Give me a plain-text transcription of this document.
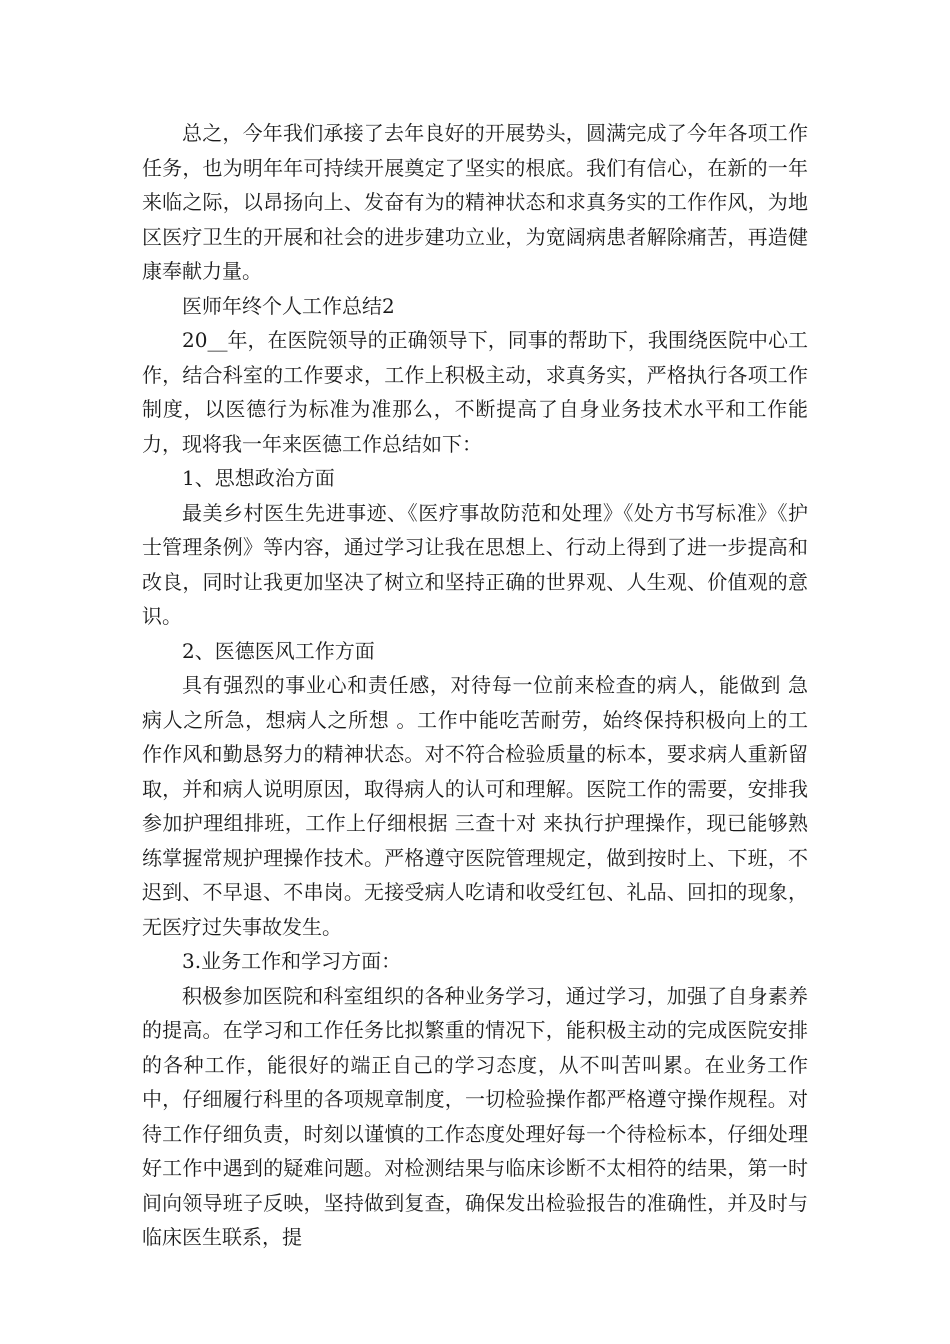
总之，今年我们承接了去年良好的开展势头，圆满完成了今年各项工作任务，也为明年年可持续开展奠定了坚实的根底。我们有信心，在新的一年来临之际，以昂扬向上、发奋有为的精神状态和求真务实的工作作风，为地区医疗卫生的开展和社会的进步建功立业，为宽阔病患者解除痛苦，再造健康奉献力量。

医师年终个人工作总结2

20__年，在医院领导的正确领导下，同事的帮助下，我围绕医院中心工作，结合科室的工作要求，工作上积极主动，求真务实，严格执行各项工作制度，以医德行为标准为准那么，不断提高了自身业务技术水平和工作能力，现将我一年来医德工作总结如下：

1、思想政治方面

最美乡村医生先进事迹、《医疗事故防范和处理》《处方书写标准》《护士管理条例》等内容，通过学习让我在思想上、行动上得到了进一步提高和改良，同时让我更加坚决了树立和坚持正确的世界观、人生观、价值观的意识。

2、医德医风工作方面

具有强烈的事业心和责任感，对待每一位前来检查的病人，能做到 急病人之所急，想病人之所想 。工作中能吃苦耐劳，始终保持积极向上的工作作风和勤恳努力的精神状态。对不符合检验质量的标本，要求病人重新留取，并和病人说明原因，取得病人的认可和理解。医院工作的需要，安排我参加护理组排班，工作上仔细根据 三查十对 来执行护理操作，现已能够熟练掌握常规护理操作技术。严格遵守医院管理规定，做到按时上、下班，不迟到、不早退、不串岗。无接受病人吃请和收受红包、礼品、回扣的现象，无医疗过失事故发生。

3.业务工作和学习方面：

积极参加医院和科室组织的各种业务学习，通过学习，加强了自身素养的提高。在学习和工作任务比拟繁重的情况下，能积极主动的完成医院安排的各种工作，能很好的端正自己的学习态度，从不叫苦叫累。在业务工作中，仔细履行科里的各项规章制度，一切检验操作都严格遵守操作规程。对待工作仔细负责，时刻以谨慎的工作态度处理好每一个待检标本，仔细处理好工作中遇到的疑难问题。对检测结果与临床诊断不太相符的结果，第一时间向领导班子反映，坚持做到复查，确保发出检验报告的准确性，并及时与临床医生联系，提
